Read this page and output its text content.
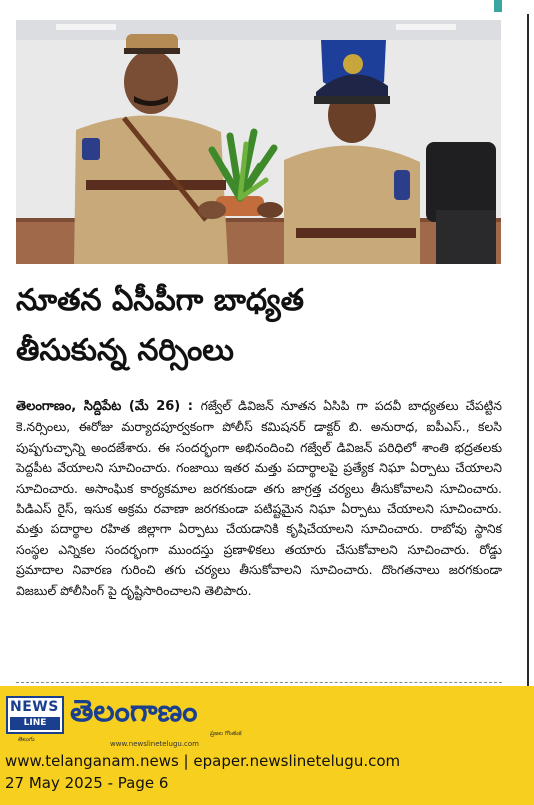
నూతన ఏసీపీగా బాధ్యత
తీసుకున్న నర్సింలు
తెలంగాణం, సిద్దిపేట (మే 26) : గజ్వేల్ డివిజన్ నూతన ఏసిపి గా పదవీ బాధ్యతలు చేపట్టిన కె.నర్సింలు, ఈరోజు మర్యాదపూర్వకంగా పోలీస్ కమిషనర్ డాక్టర్ బి. అనురాధ, ఐపీఎస్., కలసి పుష్పగుచ్ఛాన్ని అందజేశారు. ఈ సందర్భంగా అభినందించి గజ్వేల్ డివిజన్ పరిధిలో శాంతి భద్రతలకు పెద్దపీట వేయాలని సూచించారు. గంజాయి ఇతర మత్తు పదార్థాలపై ప్రత్యేక నిఘా ఏర్పాటు చేయాలని సూచించారు. అసాంఘిక కార్యకమాల జరగకుండా తగు జాగ్రత్త చర్యలు తీసుకోవాలని సూచించారు. పిడిఎస్ రైస్, ఇసుక అక్రమ రవాణా జరగకుండా పటిష్టమైన నిఘా ఏర్పాటు చేయాలని సూచించారు. మత్తు పదార్థాల రహిత జిల్లాగా ఏర్పాటు చేయడానికి కృషిచేయాలని సూచించారు. రాబోవు స్థానిక సంస్థల ఎన్నికల సందర్భంగా ముందస్తు ప్రణాళికలు తయారు చేసుకోవాలని సూచించారు. రోడ్డు ప్రమాదాల నివారణ గురించి తగు చర్యలు తీసుకోవాలని సూచించారు. దొంగతనాలు జరగకుండా విజబుల్ పోలీసింగ్ పై దృష్టిసారించాలని తెలిపారు.
NEWS
LINE
తెలుగు
తెలంగాణం
ప్రజల గొంతుక
www.newslinetelugu.com
www.telanganam.news | epaper.newslinetelugu.com
27 May 2025 - Page 6
